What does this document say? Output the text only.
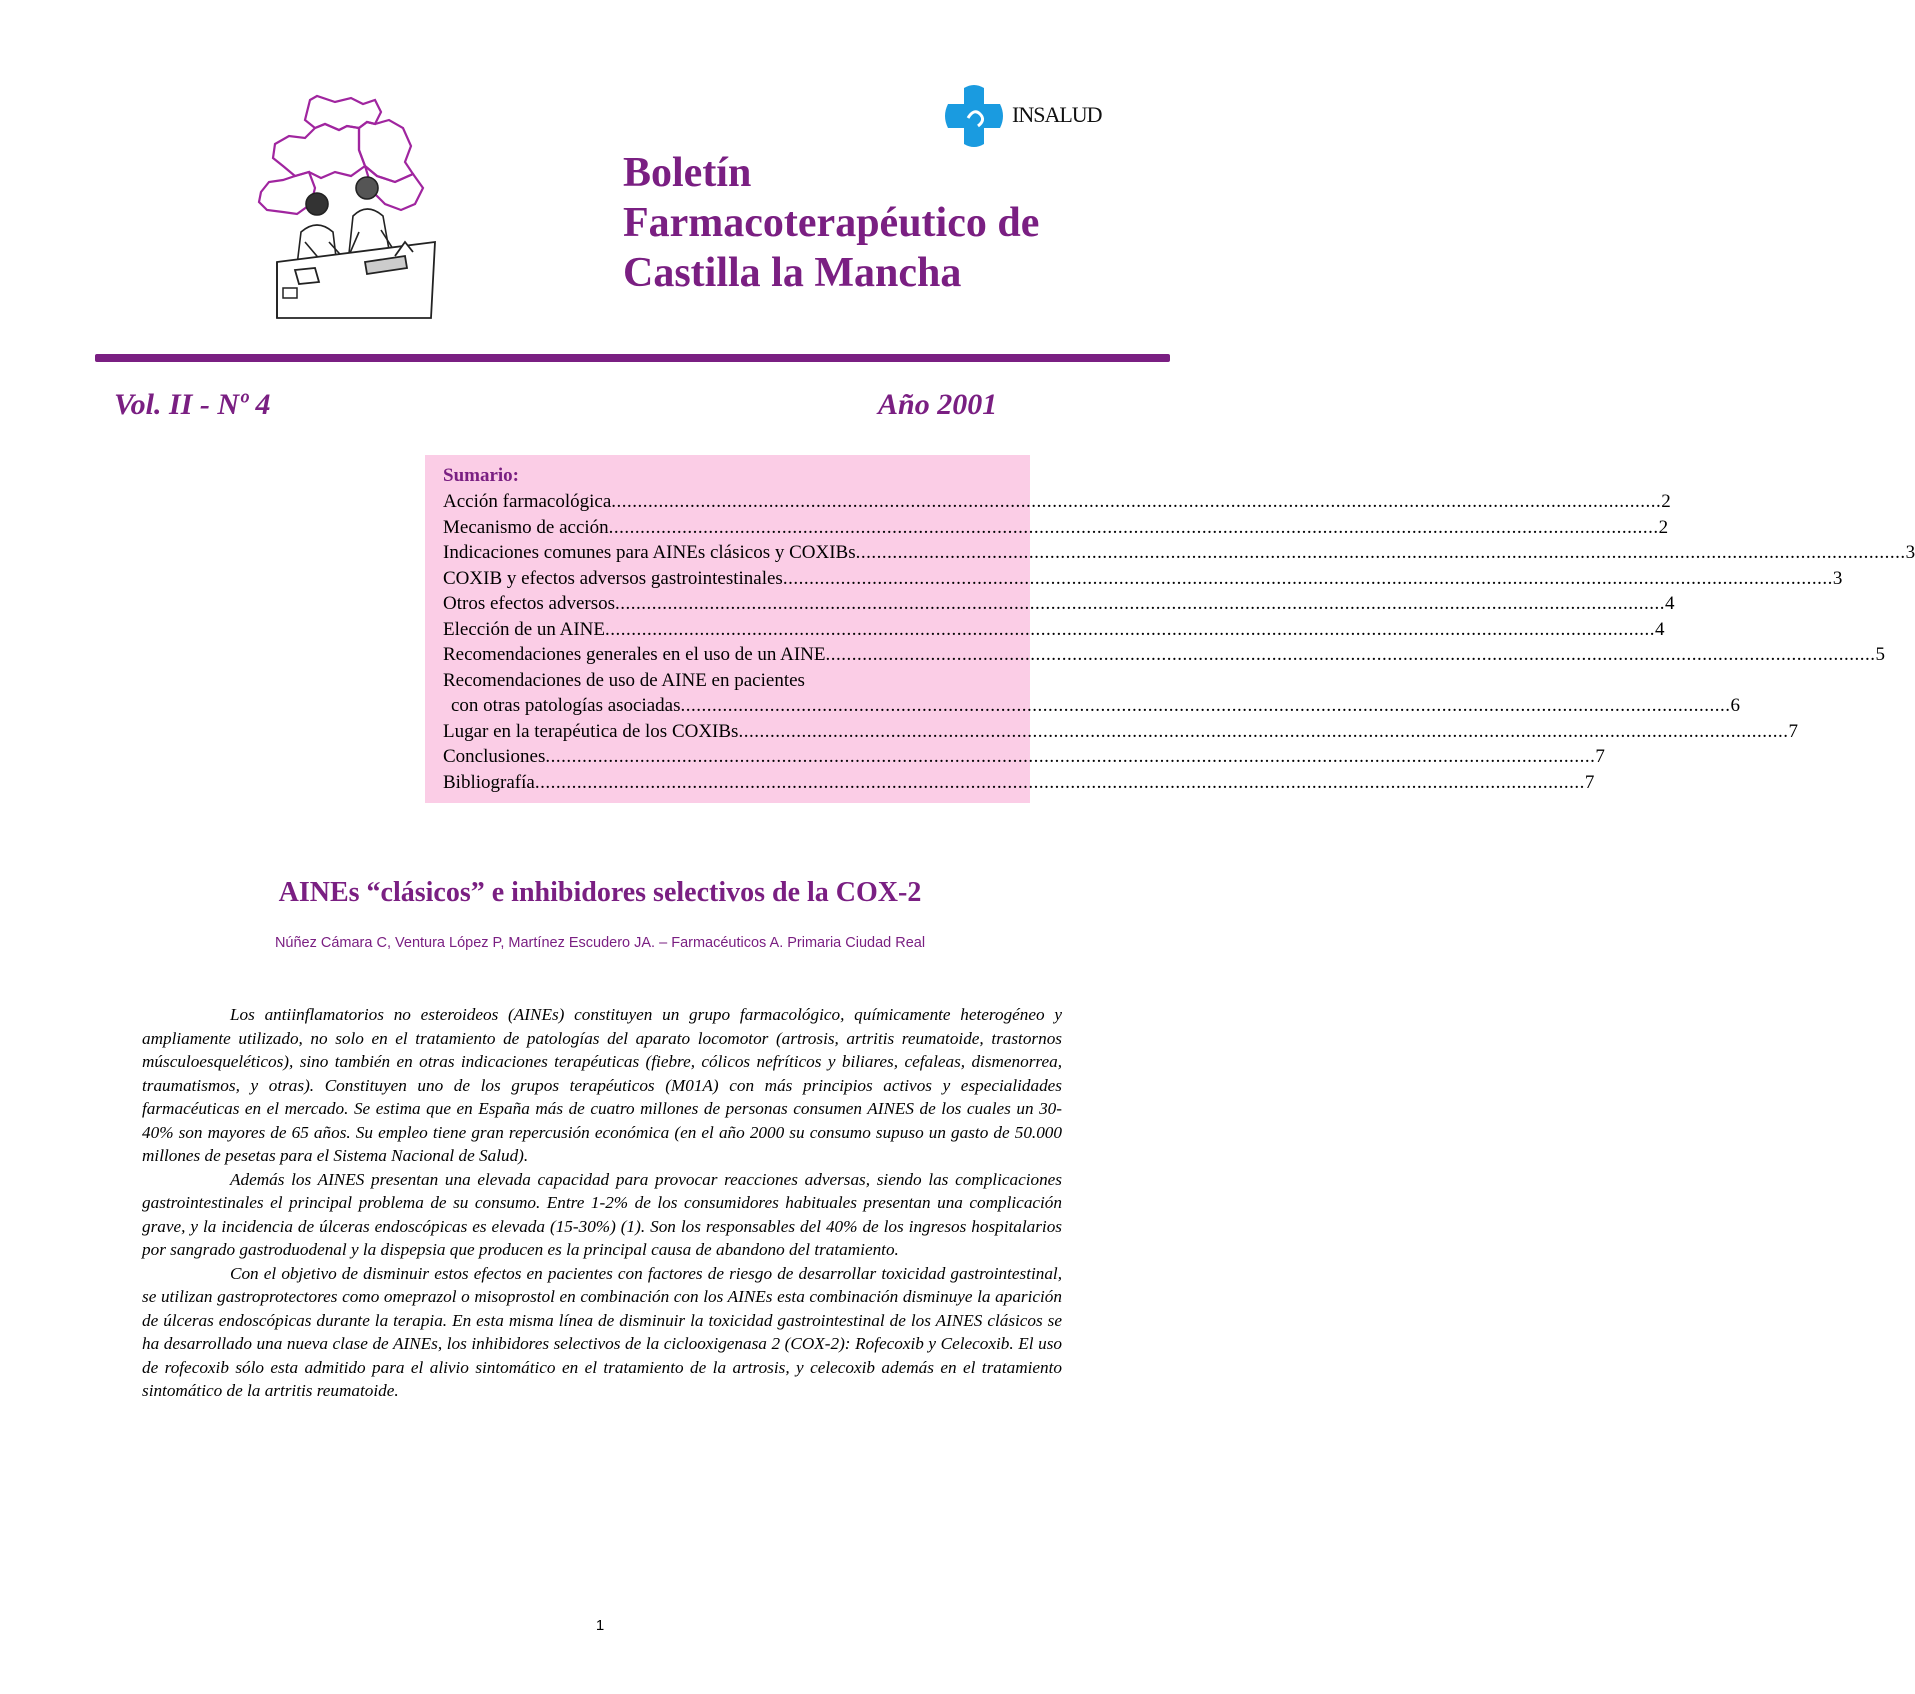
INSALUD
Boletín
Farmacoterapéutico de
Castilla la Mancha
Vol. II - Nº 4	Año 2001
Sumario:
Acción farmacológica ........................................................................................................................................................................................................ 2
Mecanismo de acción ........................................................................................................................................................................................................ 2
Indicaciones comunes para AINEs clásicos y COXIBs ........................................................................................................................................................................................................ 3
COXIB y efectos adversos gastrointestinales ........................................................................................................................................................................................................ 3
Otros efectos adversos ........................................................................................................................................................................................................ 4
Elección de un AINE ........................................................................................................................................................................................................ 4
Recomendaciones generales en el uso de un AINE ........................................................................................................................................................................................................ 5
Recomendaciones de uso de AINE en pacientes
con otras patologías asociadas ........................................................................................................................................................................................................ 6
Lugar en la terapéutica de los COXIBs ........................................................................................................................................................................................................ 7
Conclusiones ........................................................................................................................................................................................................ 7
Bibliografía ........................................................................................................................................................................................................ 7
AINEs “clásicos” e inhibidores selectivos de la COX-2
Núñez Cámara C, Ventura López P, Martínez Escudero JA. – Farmacéuticos A. Primaria Ciudad Real

Los antiinflamatorios no esteroideos (AINEs) constituyen un grupo farmacológico, químicamente heterogéneo y ampliamente utilizado, no solo en el tratamiento de patologías del aparato locomotor (artrosis, artritis reumatoide, trastornos músculoesqueléticos), sino también en otras indicaciones terapéuticas (fiebre, cólicos nefríticos y biliares, cefaleas, dismenorrea, traumatismos, y otras). Constituyen uno de los grupos terapéuticos (M01A) con más principios activos y especialidades farmacéuticas en el mercado. Se estima que en España más de cuatro millones de personas consumen AINES de los cuales un 30-40% son mayores de 65 años. Su empleo tiene gran repercusión económica (en el año 2000 su consumo supuso un gasto de 50.000 millones de pesetas para el Sistema Nacional de Salud).

Además los AINES presentan una elevada capacidad para provocar reacciones adversas, siendo las complicaciones gastrointestinales el principal problema de su consumo. Entre 1-2% de los consumidores habituales presentan una complicación grave, y la incidencia de úlceras endoscópicas es elevada (15-30%) (1). Son los responsables del 40% de los ingresos hospitalarios por sangrado gastroduodenal y la dispepsia que producen es la principal causa de abandono del tratamiento.

Con el objetivo de disminuir estos efectos en pacientes con factores de riesgo de desarrollar toxicidad gastrointestinal, se utilizan gastroprotectores como omeprazol o misoprostol en combinación con los AINEs esta combinación disminuye la aparición de úlceras endoscópicas durante la terapia. En esta misma línea de disminuir la toxicidad gastrointestinal de los AINES clásicos se ha desarrollado una nueva clase de AINEs, los inhibidores selectivos de la ciclooxigenasa 2 (COX-2): Rofecoxib y Celecoxib. El uso de rofecoxib sólo esta admitido para el alivio sintomático en el tratamiento de la artrosis, y celecoxib además en el tratamiento sintomático de la artritis reumatoide.

1
